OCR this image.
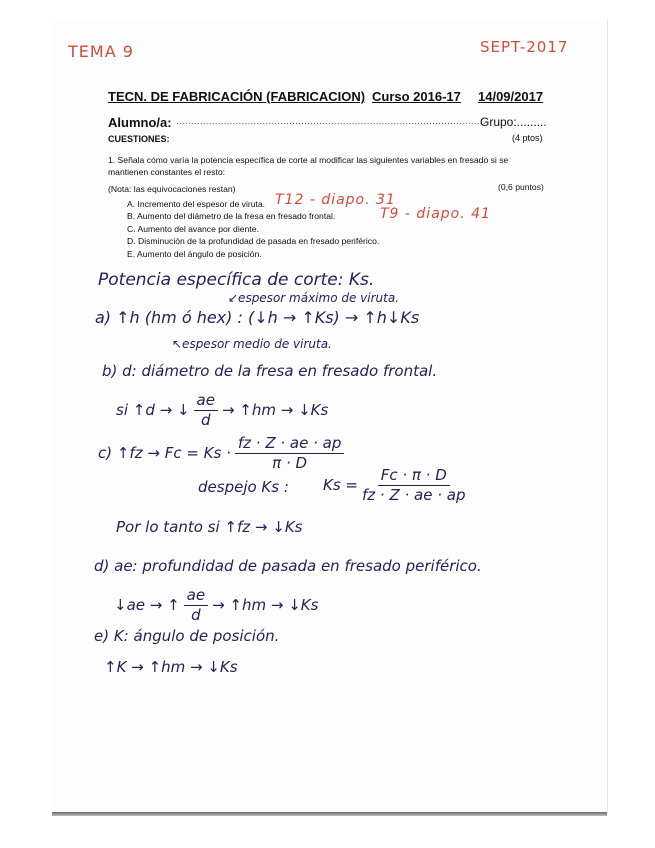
TEMA 9	SEPT-2017
TECN. DE FABRICACIÓN (FABRICACION) Curso 2016-17 14/09/2017
Alumno/a: ........................................................................................................
Grupo:.........
CUESTIONES:	(4 ptos)
1. Señala cómo varía la potencia específica de corte al modificar las siguientes variables en fresado si se
mantienen constantes el resto:
(Nota: las equivocaciones restan)	(0,6 puntos)
A. Incremento del espesor de viruta.
B. Aumento del diámetro de la fresa en fresado frontal.
C. Aumento del avance por diente.
D. Disminución de la profundidad de pasada en fresado periférico.
E. Aumento del ángulo de posición.
T12 - diapo. 31
T9 - diapo. 41
Potencia específica de corte: Ks.
↙espesor máximo de viruta.
a) ↑h (hm ó hex) : (↓h → ↑Ks) → ↑h↓Ks
↖espesor medio de viruta.
b) d: diámetro de la fresa en fresado frontal.
si ↑d → ↓ $\frac{ae}{d}$ → ↑hm → ↓Ks
c) ↑fz → $Fc = Ks \cdot \frac{fz \cdot Z \cdot ae \cdot ap}{\pi \cdot D}$
despejo Ks : $Ks = \frac{Fc \cdot \pi \cdot D}{fz \cdot Z \cdot ae \cdot ap}$
Por lo tanto si ↑fz → ↓Ks
d) ae: profundidad de pasada en fresado periférico.
↓ae → ↑ $\frac{ae}{d}$ → ↑hm → ↓Ks
e) K: ángulo de posición.
↑K → ↑hm → ↓Ks
